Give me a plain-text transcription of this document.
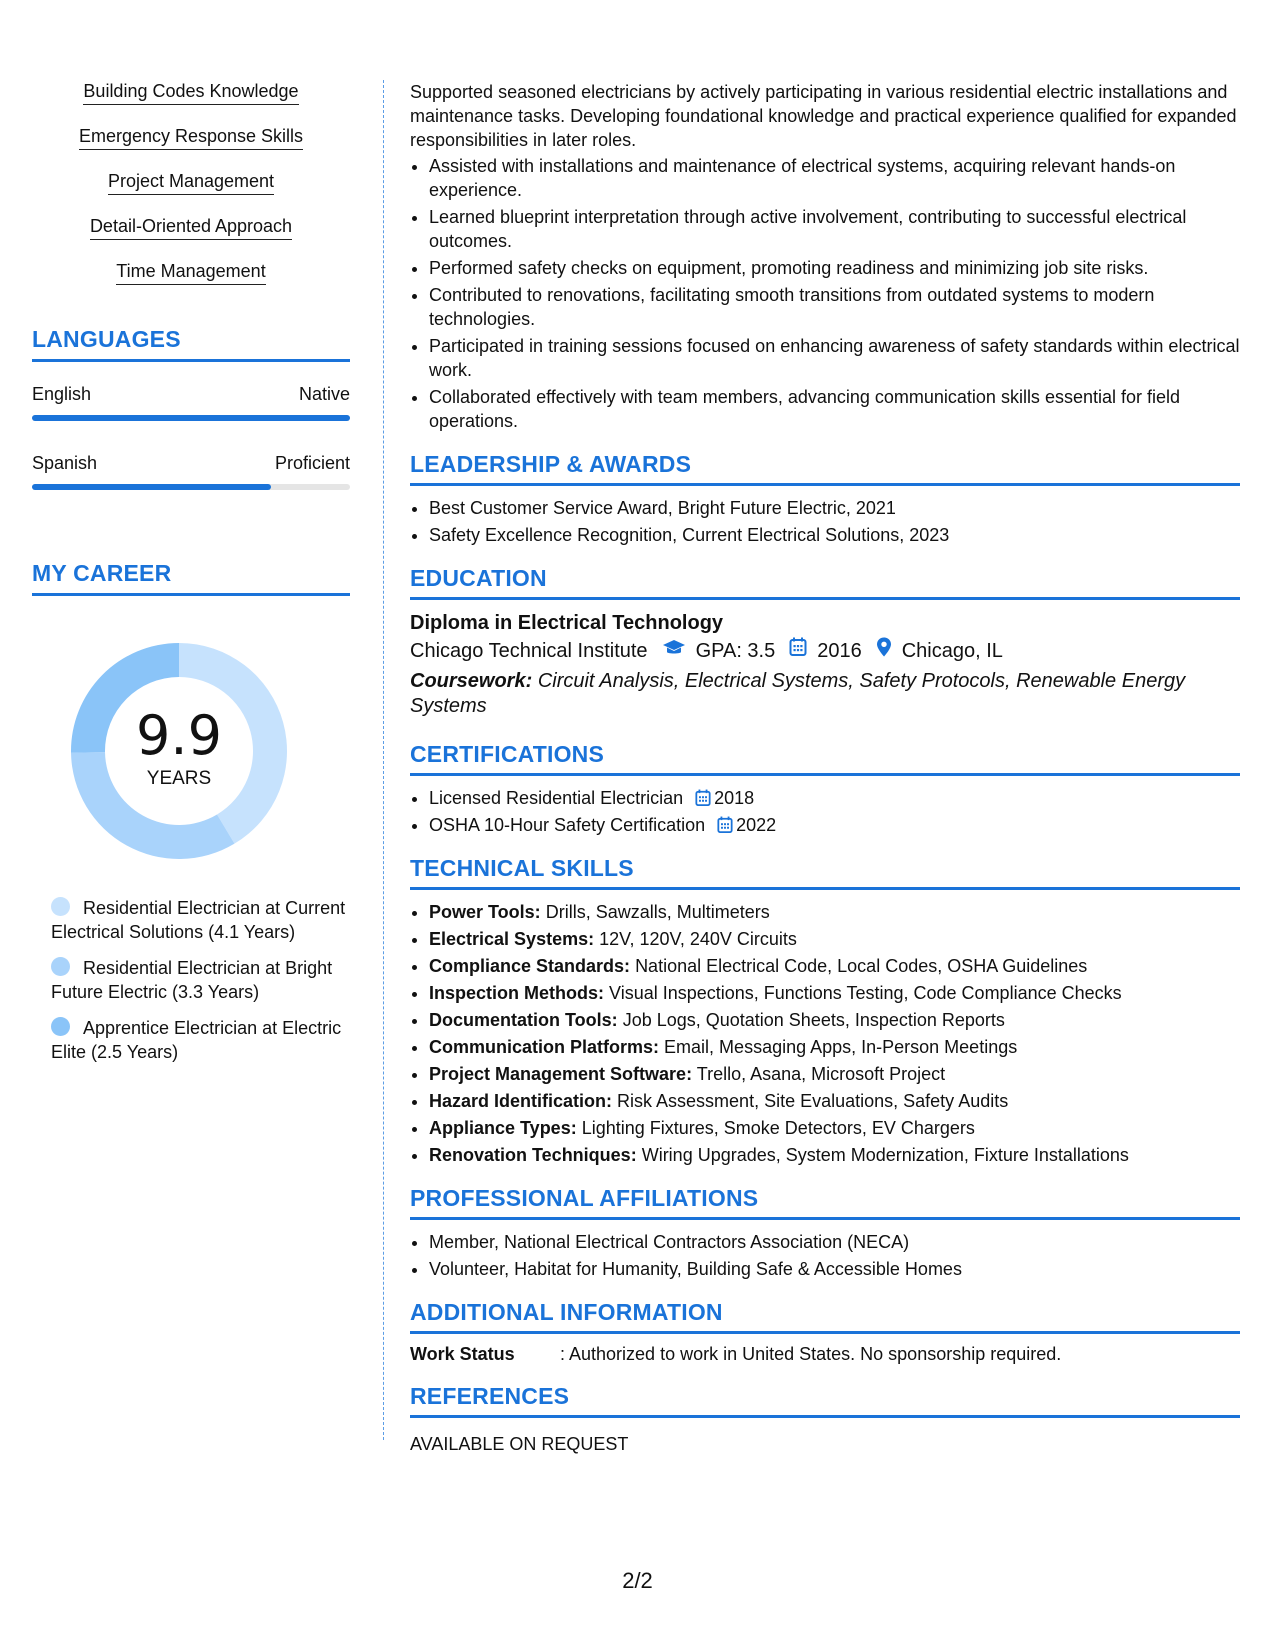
Building Codes Knowledge
Emergency Response Skills
Project Management
Detail-Oriented Approach
Time Management
LANGUAGES
English	Native
Spanish	Proficient
MY CAREER
9.9
YEARS
Residential Electrician at Current Electrical Solutions (4.1 Years)
Residential Electrician at Bright Future Electric (3.3 Years)
Apprentice Electrician at Electric Elite (2.5 Years)

Supported seasoned electricians by actively participating in various residential electric installations and maintenance tasks. Developing foundational knowledge and practical experience qualified for expanded responsibilities in later roles.

• Assisted with installations and maintenance of electrical systems, acquiring relevant hands-on experience.
• Learned blueprint interpretation through active involvement, contributing to successful electrical outcomes.
• Performed safety checks on equipment, promoting readiness and minimizing job site risks.
• Contributed to renovations, facilitating smooth transitions from outdated systems to modern technologies.
• Participated in training sessions focused on enhancing awareness of safety standards within electrical work.
• Collaborated effectively with team members, advancing communication skills essential for field operations.
LEADERSHIP & AWARDS
• Best Customer Service Award, Bright Future Electric, 2021
• Safety Excellence Recognition, Current Electrical Solutions, 2023
EDUCATION
Diploma in Electrical Technology
Chicago Technical Institute GPA: 3.5 2016 Chicago, IL
Coursework: Circuit Analysis, Electrical Systems, Safety Protocols, Renewable Energy Systems
CERTIFICATIONS
• Licensed Residential Electrician 2018
• OSHA 10-Hour Safety Certification 2022
TECHNICAL SKILLS
• Power Tools: Drills, Sawzalls, Multimeters
• Electrical Systems: 12V, 120V, 240V Circuits
• Compliance Standards: National Electrical Code, Local Codes, OSHA Guidelines
• Inspection Methods: Visual Inspections, Functions Testing, Code Compliance Checks
• Documentation Tools: Job Logs, Quotation Sheets, Inspection Reports
• Communication Platforms: Email, Messaging Apps, In-Person Meetings
• Project Management Software: Trello, Asana, Microsoft Project
• Hazard Identification: Risk Assessment, Site Evaluations, Safety Audits
• Appliance Types: Lighting Fixtures, Smoke Detectors, EV Chargers
• Renovation Techniques: Wiring Upgrades, System Modernization, Fixture Installations
PROFESSIONAL AFFILIATIONS
• Member, National Electrical Contractors Association (NECA)
• Volunteer, Habitat for Humanity, Building Safe & Accessible Homes
ADDITIONAL INFORMATION
Work Status	: Authorized to work in United States. No sponsorship required.
REFERENCES

AVAILABLE ON REQUEST

2/2
